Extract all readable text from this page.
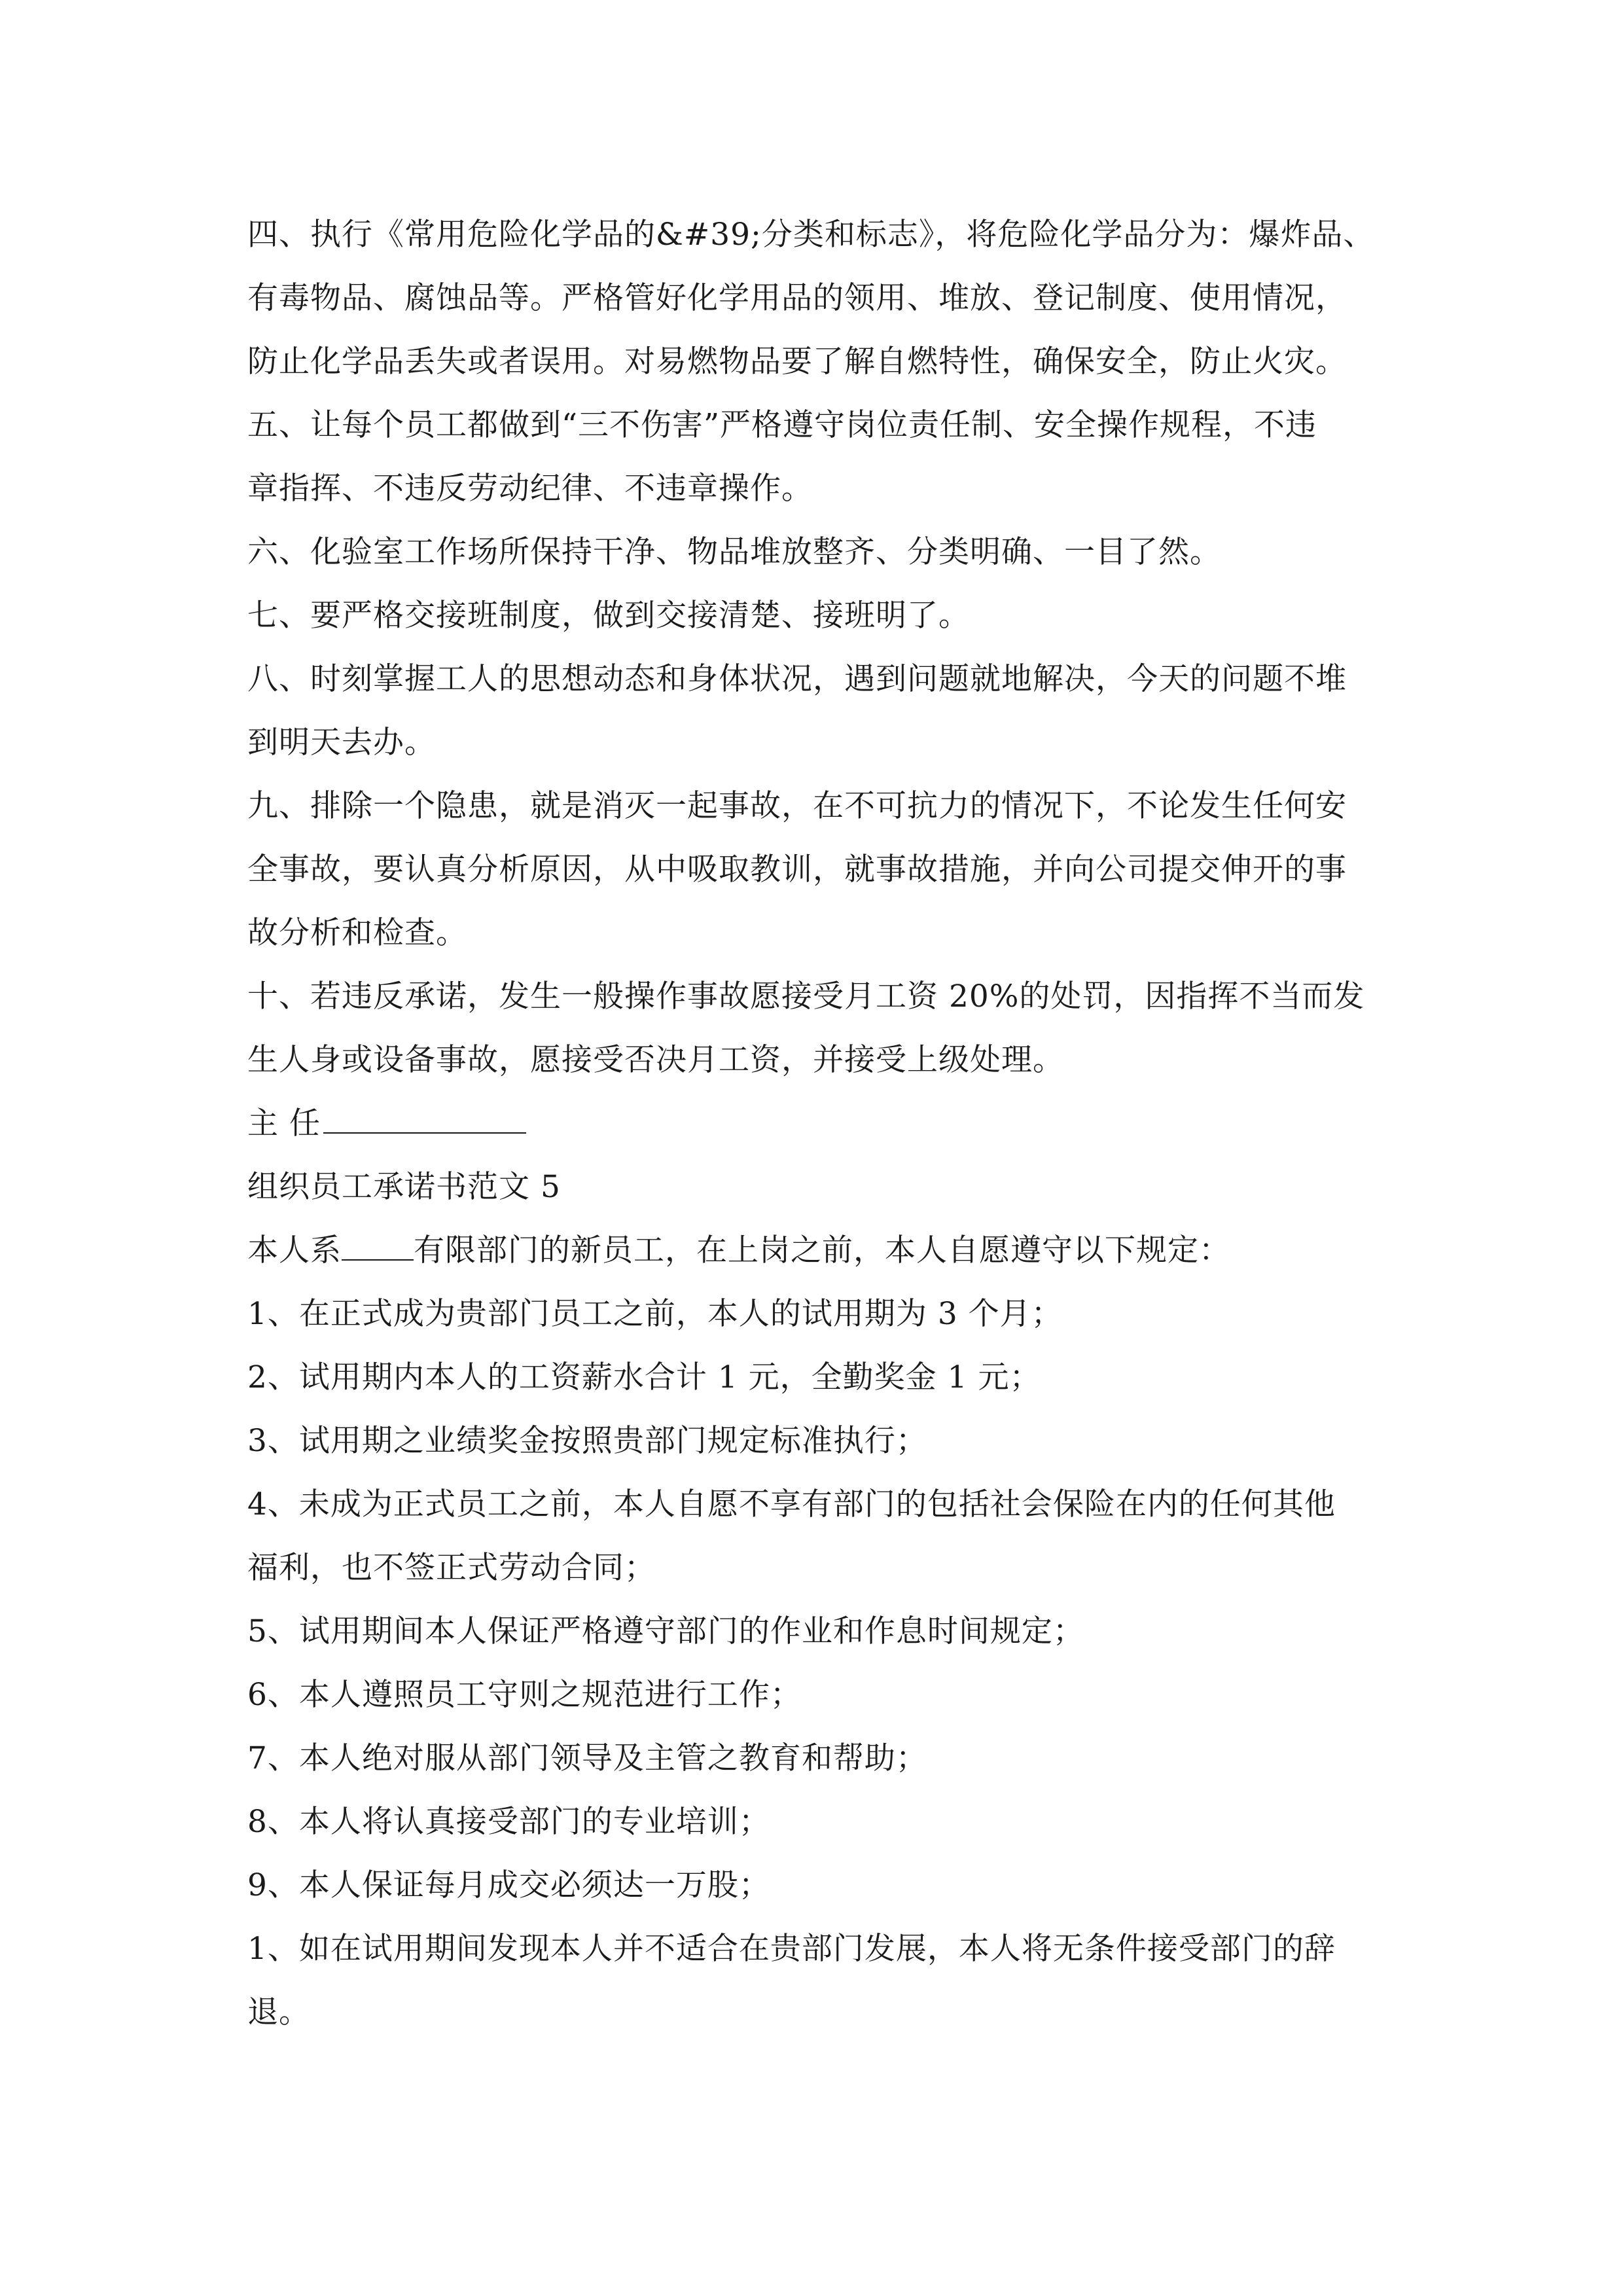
四、执行《常用危险化学品的&#39;分类和标志》，将危险化学品分为：爆炸品、
有毒物品、腐蚀品等。严格管好化学用品的领用、堆放、登记制度、使用情况，
防止化学品丢失或者误用。对易燃物品要了解自燃特性，确保安全，防止火灾。
五、让每个员工都做到“三不伤害”严格遵守岗位责任制、安全操作规程，不违
章指挥、不违反劳动纪律、不违章操作。
六、化验室工作场所保持干净、物品堆放整齐、分类明确、一目了然。
七、要严格交接班制度，做到交接清楚、接班明了。
八、时刻掌握工人的思想动态和身体状况，遇到问题就地解决，今天的问题不堆
到明天去办。
九、排除一个隐患，就是消灭一起事故，在不可抗力的情况下，不论发生任何安
全事故，要认真分析原因，从中吸取教训，就事故措施，并向公司提交伸开的事
故分析和检查。
十、若违反承诺，发生一般操作事故愿接受月工资 20%的处罚，因指挥不当而发
生人身或设备事故，愿接受否决月工资，并接受上级处理。
主 任
组织员工承诺书范文 5
本人系 有限部门的新员工，在上岗之前，本人自愿遵守以下规定：
1、在正式成为贵部门员工之前，本人的试用期为 3 个月；
2、试用期内本人的工资薪水合计 1 元，全勤奖金 1 元；
3、试用期之业绩奖金按照贵部门规定标准执行；
4、未成为正式员工之前，本人自愿不享有部门的包括社会保险在内的任何其他
福利，也不签正式劳动合同；
5、试用期间本人保证严格遵守部门的作业和作息时间规定；
6、本人遵照员工守则之规范进行工作；
7、本人绝对服从部门领导及主管之教育和帮助；
8、本人将认真接受部门的专业培训；
9、本人保证每月成交必须达一万股；
1、如在试用期间发现本人并不适合在贵部门发展，本人将无条件接受部门的辞
退。
